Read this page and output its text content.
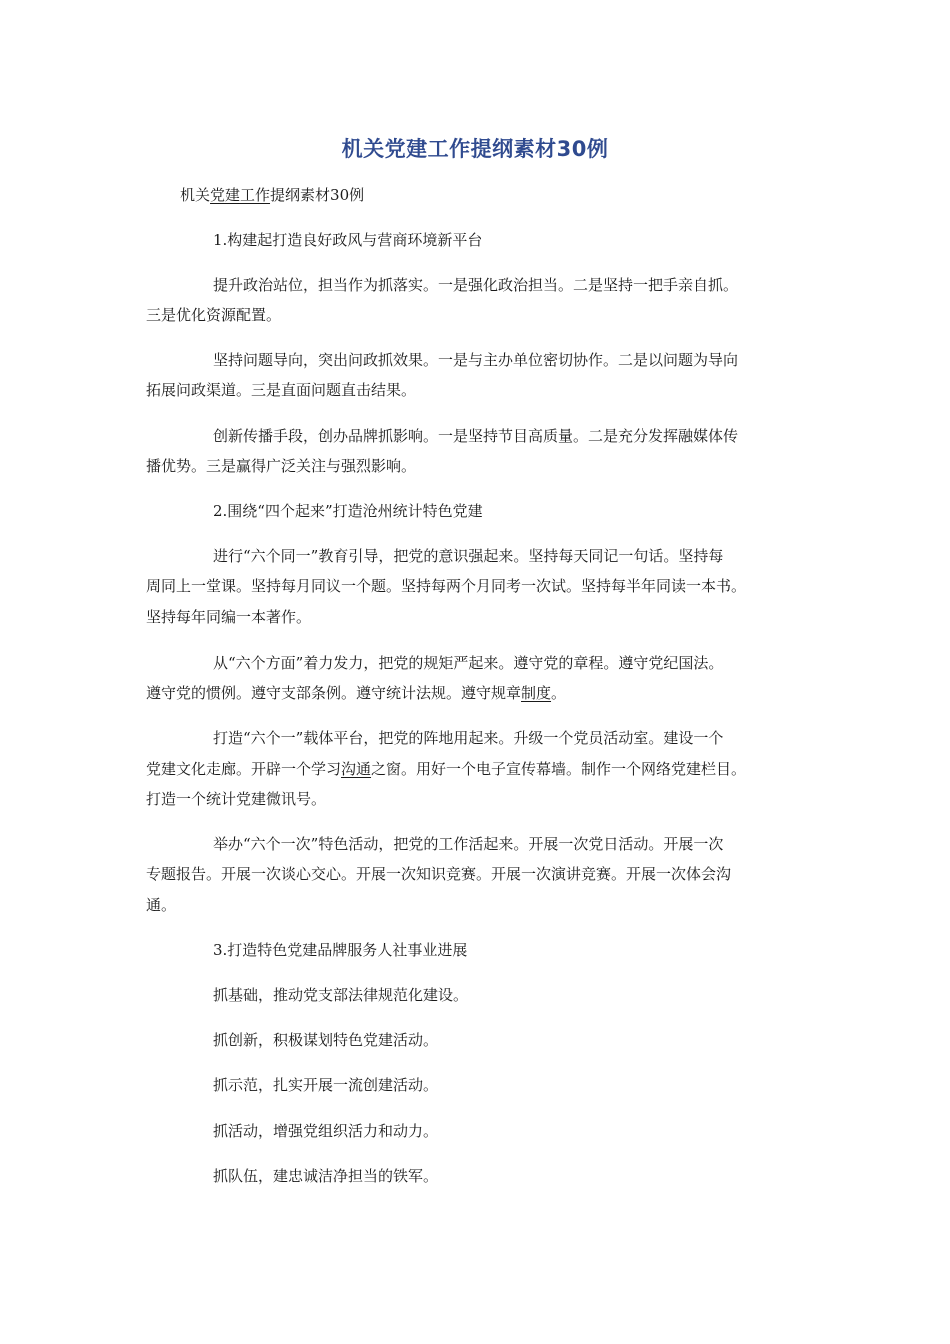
机关党建工作提纲素材30例
机关党建工作提纲素材30例
1.构建起打造良好政风与营商环境新平台
提升政治站位，担当作为抓落实。一是强化政治担当。二是坚持一把手亲自抓。
三是优化资源配置。
坚持问题导向，突出问政抓效果。一是与主办单位密切协作。二是以问题为导向
拓展问政渠道。三是直面问题直击结果。
创新传播手段，创办品牌抓影响。一是坚持节目高质量。二是充分发挥融媒体传
播优势。三是赢得广泛关注与强烈影响。
2.围绕“四个起来”打造沧州统计特色党建
进行“六个同一”教育引导，把党的意识强起来。坚持每天同记一句话。坚持每
周同上一堂课。坚持每月同议一个题。坚持每两个月同考一次试。坚持每半年同读一本书。
坚持每年同编一本著作。
从“六个方面”着力发力，把党的规矩严起来。遵守党的章程。遵守党纪国法。
遵守党的惯例。遵守支部条例。遵守统计法规。遵守规章制度。
打造“六个一”载体平台，把党的阵地用起来。升级一个党员活动室。建设一个
党建文化走廊。开辟一个学习沟通之窗。用好一个电子宣传幕墙。制作一个网络党建栏目。
打造一个统计党建微讯号。
举办“六个一次”特色活动，把党的工作活起来。开展一次党日活动。开展一次
专题报告。开展一次谈心交心。开展一次知识竞赛。开展一次演讲竞赛。开展一次体会沟
通。
3.打造特色党建品牌服务人社事业进展
抓基础，推动党支部法律规范化建设。
抓创新，积极谋划特色党建活动。
抓示范，扎实开展一流创建活动。
抓活动，增强党组织活力和动力。
抓队伍，建忠诚洁净担当的铁军。
